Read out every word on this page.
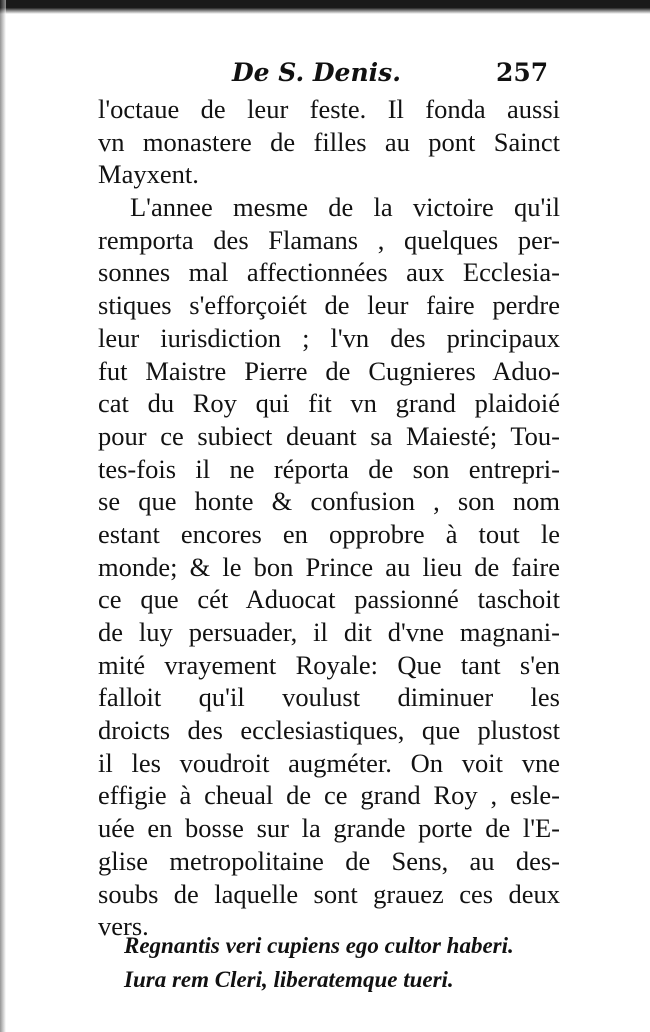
De S. Denis.	257
l'octaue de leur feste. Il fonda aussi
vn monastere de filles au pont Sainct
Mayxent.
L'annee mesme de la victoire qu'il
remporta des Flamans , quelques per-
sonnes mal affectionnées aux Ecclesia-
stiques s'efforçoiét de leur faire perdre
leur iurisdiction ; l'vn des principaux
fut Maistre Pierre de Cugnieres Aduo-
cat du Roy qui fit vn grand plaidoié
pour ce subiect deuant sa Maiesté; Tou-
tes-fois il ne réporta de son entrepri-
se que honte & confusion , son nom
estant encores en opprobre à tout le
monde; & le bon Prince au lieu de faire
ce que cét Aduocat passionné taschoit
de luy persuader, il dit d'vne magnani-
mité vrayement Royale: Que tant s'en
falloit qu'il voulust diminuer les
droicts des ecclesiastiques, que plustost
il les voudroit augméter. On voit vne
effigie à cheual de ce grand Roy , esle-
uée en bosse sur la grande porte de l'E-
glise metropolitaine de Sens, au des-
soubs de laquelle sont grauez ces deux
vers.
Regnantis veri cupiens ego cultor haberi.
Iura rem Cleri, liberatemque tueri.
